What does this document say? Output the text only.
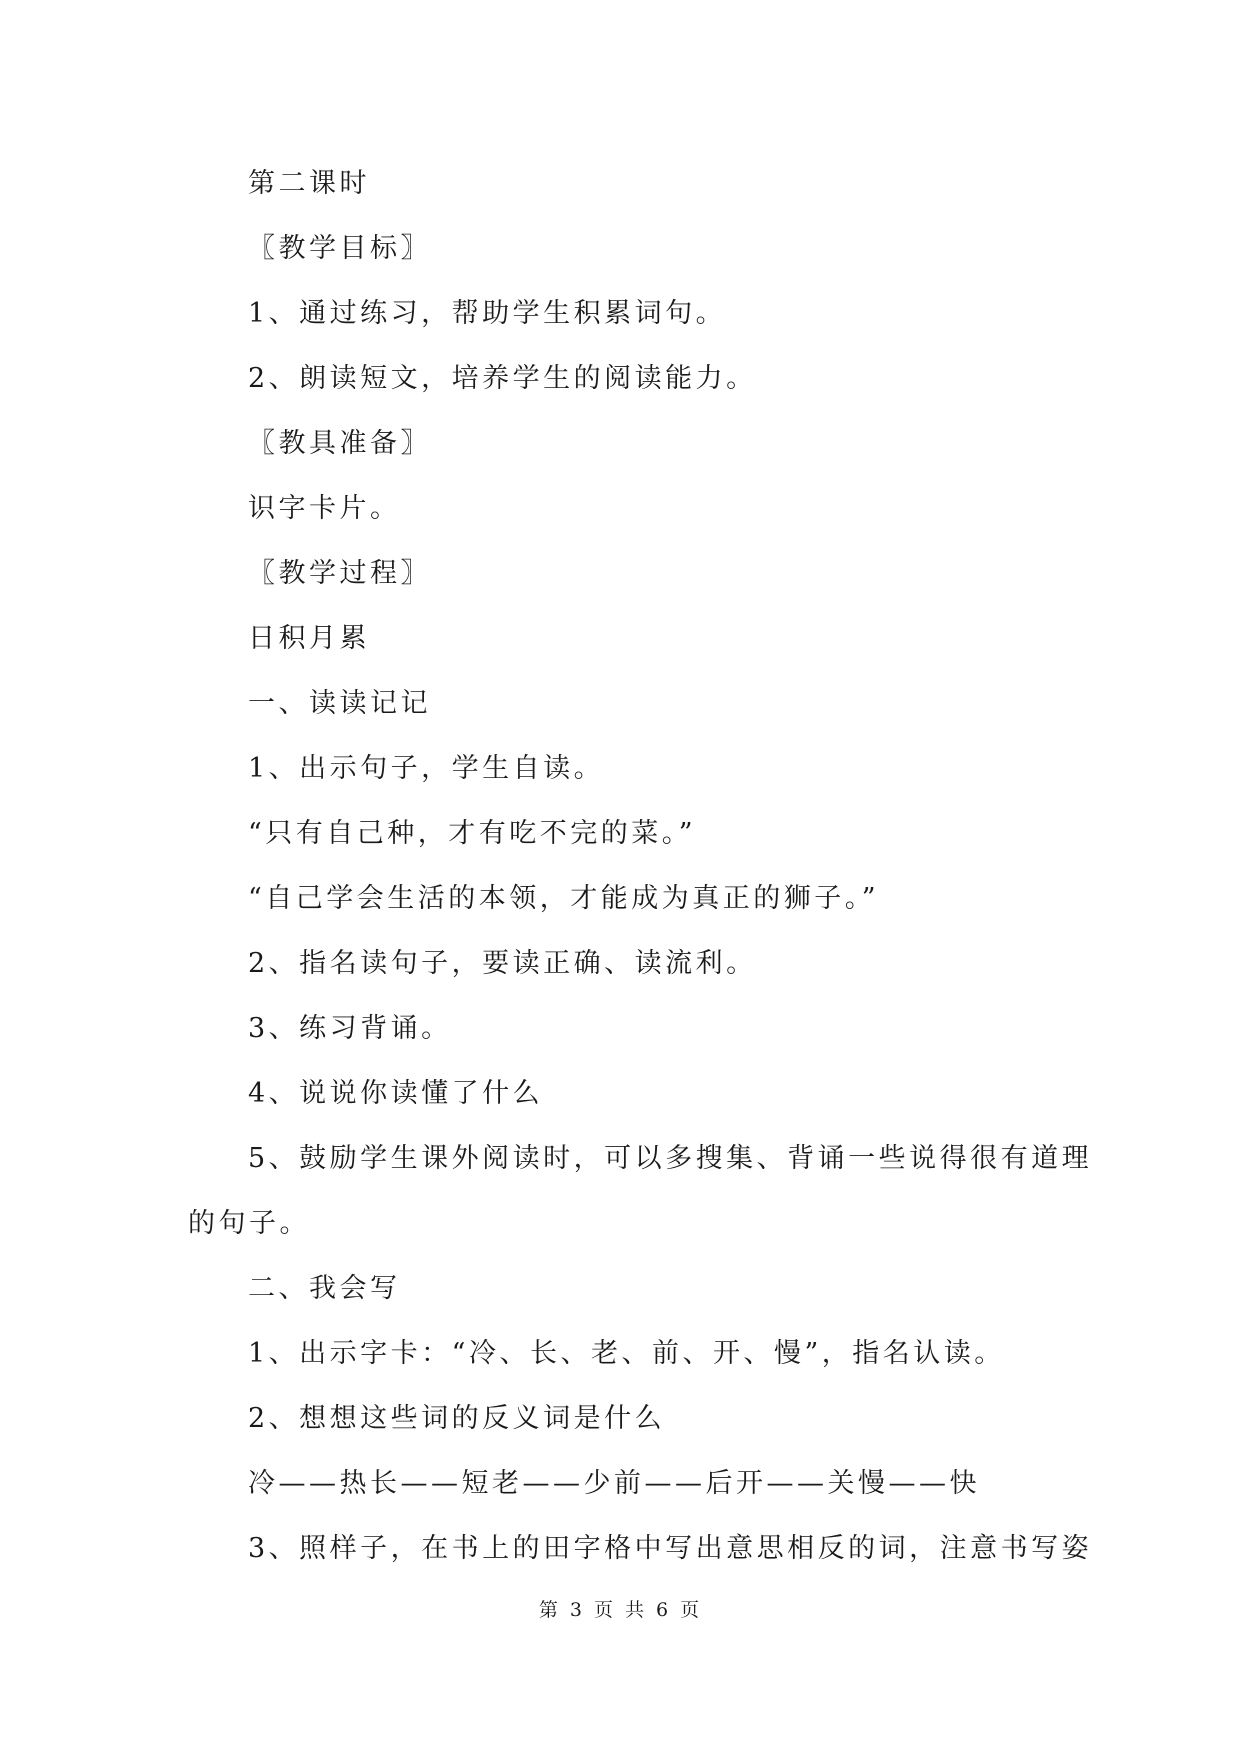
第二课时
〖教学目标〗
1、通过练习，帮助学生积累词句。
2、朗读短文，培养学生的阅读能力。
〖教具准备〗
识字卡片。
〖教学过程〗
日积月累
一、读读记记
1、出示句子，学生自读。
“只有自己种，才有吃不完的菜。”
“自己学会生活的本领，才能成为真正的狮子。”
2、指名读句子，要读正确、读流利。
3、练习背诵。
4、说说你读懂了什么
5、鼓励学生课外阅读时，可以多搜集、背诵一些说得很有道理
的句子。
二、我会写
1、出示字卡：“冷、长、老、前、开、慢”，指名认读。
2、想想这些词的反义词是什么
冷——热长——短老——少前——后开——关慢——快
3、照样子，在书上的田字格中写出意思相反的词，注意书写姿
第 3 页 共 6 页
